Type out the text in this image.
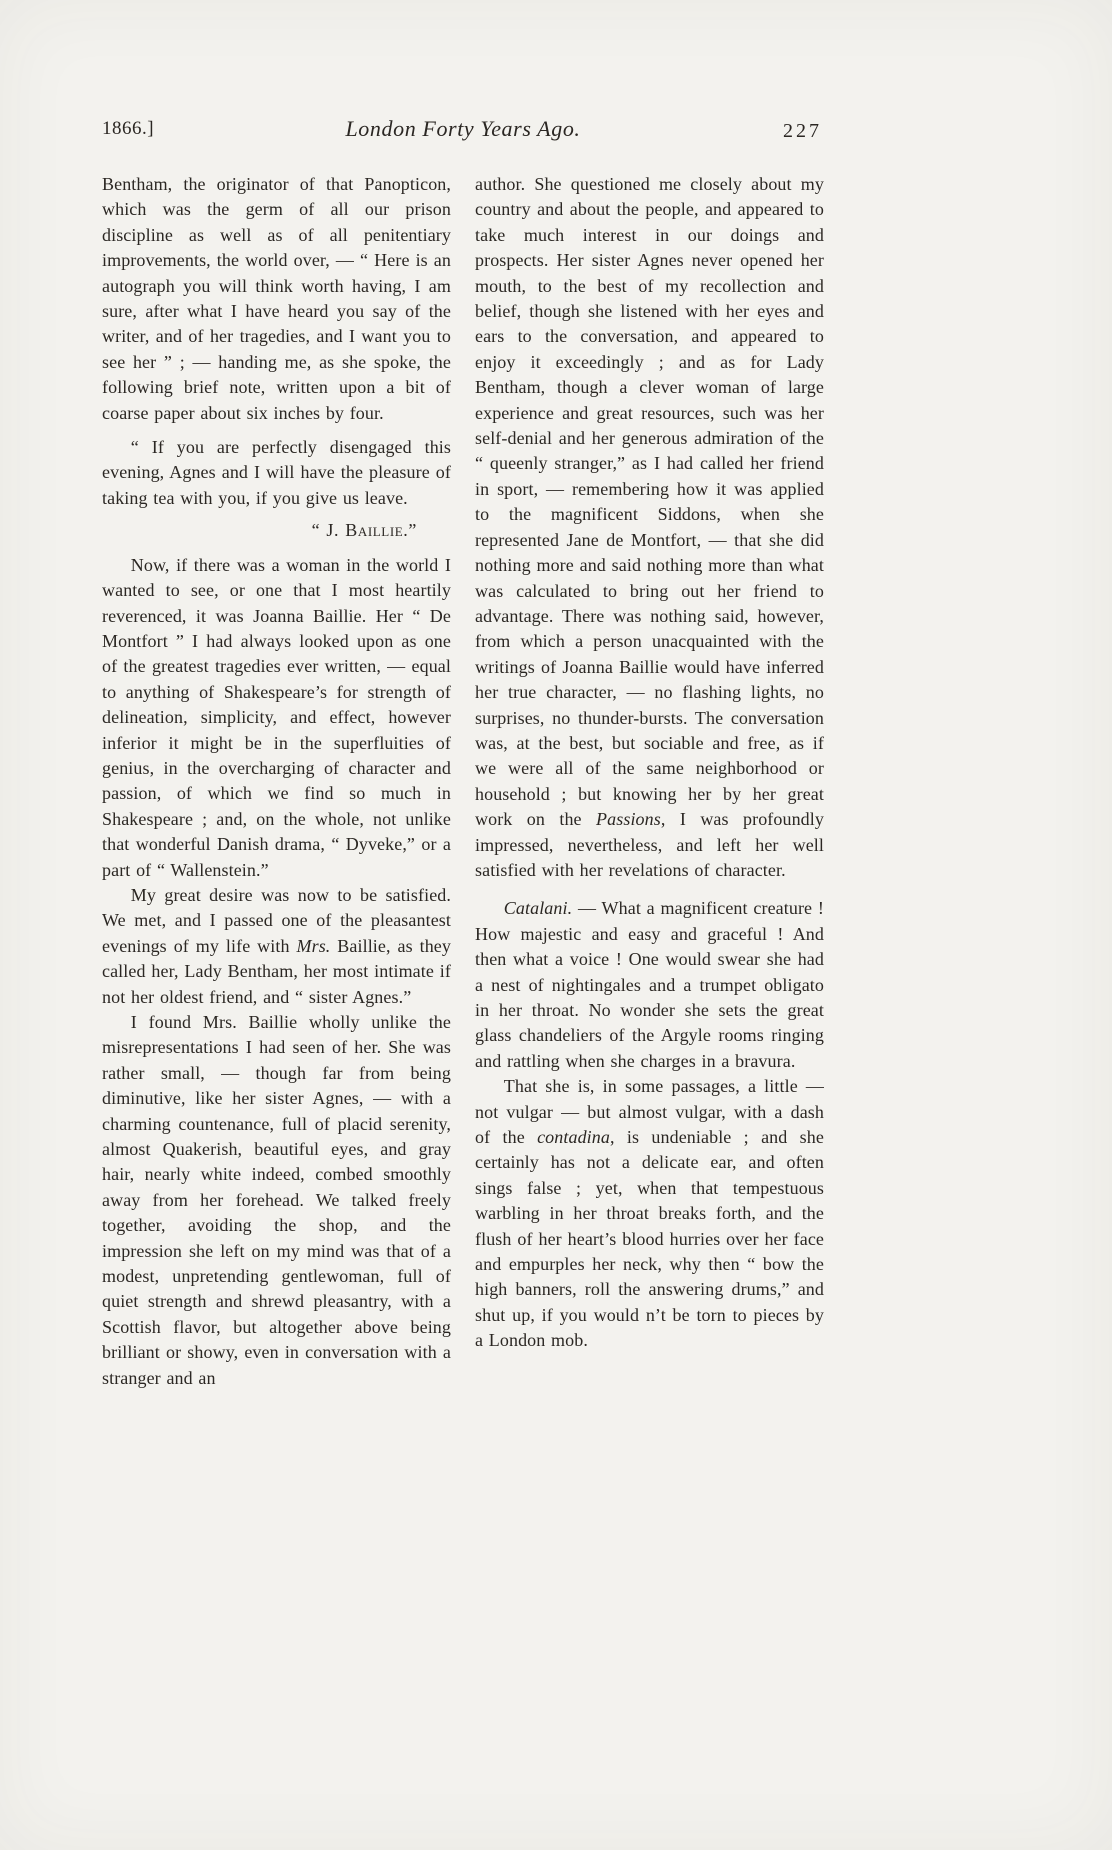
1866.]	London Forty Years Ago.	227

Bentham, the originator of that Panopticon, which was the germ of all our prison discipline as well as of all penitentiary improvements, the world over, — “ Here is an autograph you will think worth having, I am sure, after what I have heard you say of the writer, and of her tragedies, and I want you to see her ” ; — handing me, as she spoke, the following brief note, written upon a bit of coarse paper about six inches by four.

“ If you are perfectly disengaged this evening, Agnes and I will have the pleasure of taking tea with you, if you give us leave.

“ J. Baillie.”

Now, if there was a woman in the world I wanted to see, or one that I most heartily reverenced, it was Joanna Baillie. Her “ De Montfort ” I had always looked upon as one of the greatest tragedies ever written, — equal to anything of Shakespeare’s for strength of delineation, simplicity, and effect, however inferior it might be in the superfluities of genius, in the overcharging of character and passion, of which we find so much in Shakespeare ; and, on the whole, not unlike that wonderful Danish drama, “ Dyveke,” or a part of “ Wallenstein.”

My great desire was now to be satisfied. We met, and I passed one of the pleasantest evenings of my life with Mrs. Baillie, as they called her, Lady Bentham, her most intimate if not her oldest friend, and “ sister Agnes.”

I found Mrs. Baillie wholly unlike the misrepresentations I had seen of her. She was rather small, — though far from being diminutive, like her sister Agnes, — with a charming countenance, full of placid serenity, almost Quakerish, beautiful eyes, and gray hair, nearly white indeed, combed smoothly away from her forehead. We talked freely together, avoiding the shop, and the impression she left on my mind was that of a modest, unpretending gentlewoman, full of quiet strength and shrewd pleasantry, with a Scottish flavor, but altogether above being brilliant or showy, even in conversation with a stranger and an

author. She questioned me closely about my country and about the people, and appeared to take much interest in our doings and prospects. Her sister Agnes never opened her mouth, to the best of my recollection and belief, though she listened with her eyes and ears to the conversation, and appeared to enjoy it exceedingly ; and as for Lady Bentham, though a clever woman of large experience and great resources, such was her self-denial and her generous admiration of the “ queenly stranger,” as I had called her friend in sport, — remembering how it was applied to the magnificent Siddons, when she represented Jane de Montfort, — that she did nothing more and said nothing more than what was calculated to bring out her friend to advantage. There was nothing said, however, from which a person unacquainted with the writings of Joanna Baillie would have inferred her true character, — no flashing lights, no surprises, no thunder-bursts. The conversation was, at the best, but sociable and free, as if we were all of the same neighborhood or household ; but knowing her by her great work on the Passions, I was profoundly impressed, nevertheless, and left her well satisfied with her revelations of character.

Catalani. — What a magnificent creature ! How majestic and easy and graceful ! And then what a voice ! One would swear she had a nest of nightingales and a trumpet obligato in her throat. No wonder she sets the great glass chandeliers of the Argyle rooms ringing and rattling when she charges in a bravura.

That she is, in some passages, a little — not vulgar — but almost vulgar, with a dash of the contadina, is undeniable ; and she certainly has not a delicate ear, and often sings false ; yet, when that tempestuous warbling in her throat breaks forth, and the flush of her heart’s blood hurries over her face and empurples her neck, why then “ bow the high banners, roll the answering drums,” and shut up, if you would n’t be torn to pieces by a London mob.
